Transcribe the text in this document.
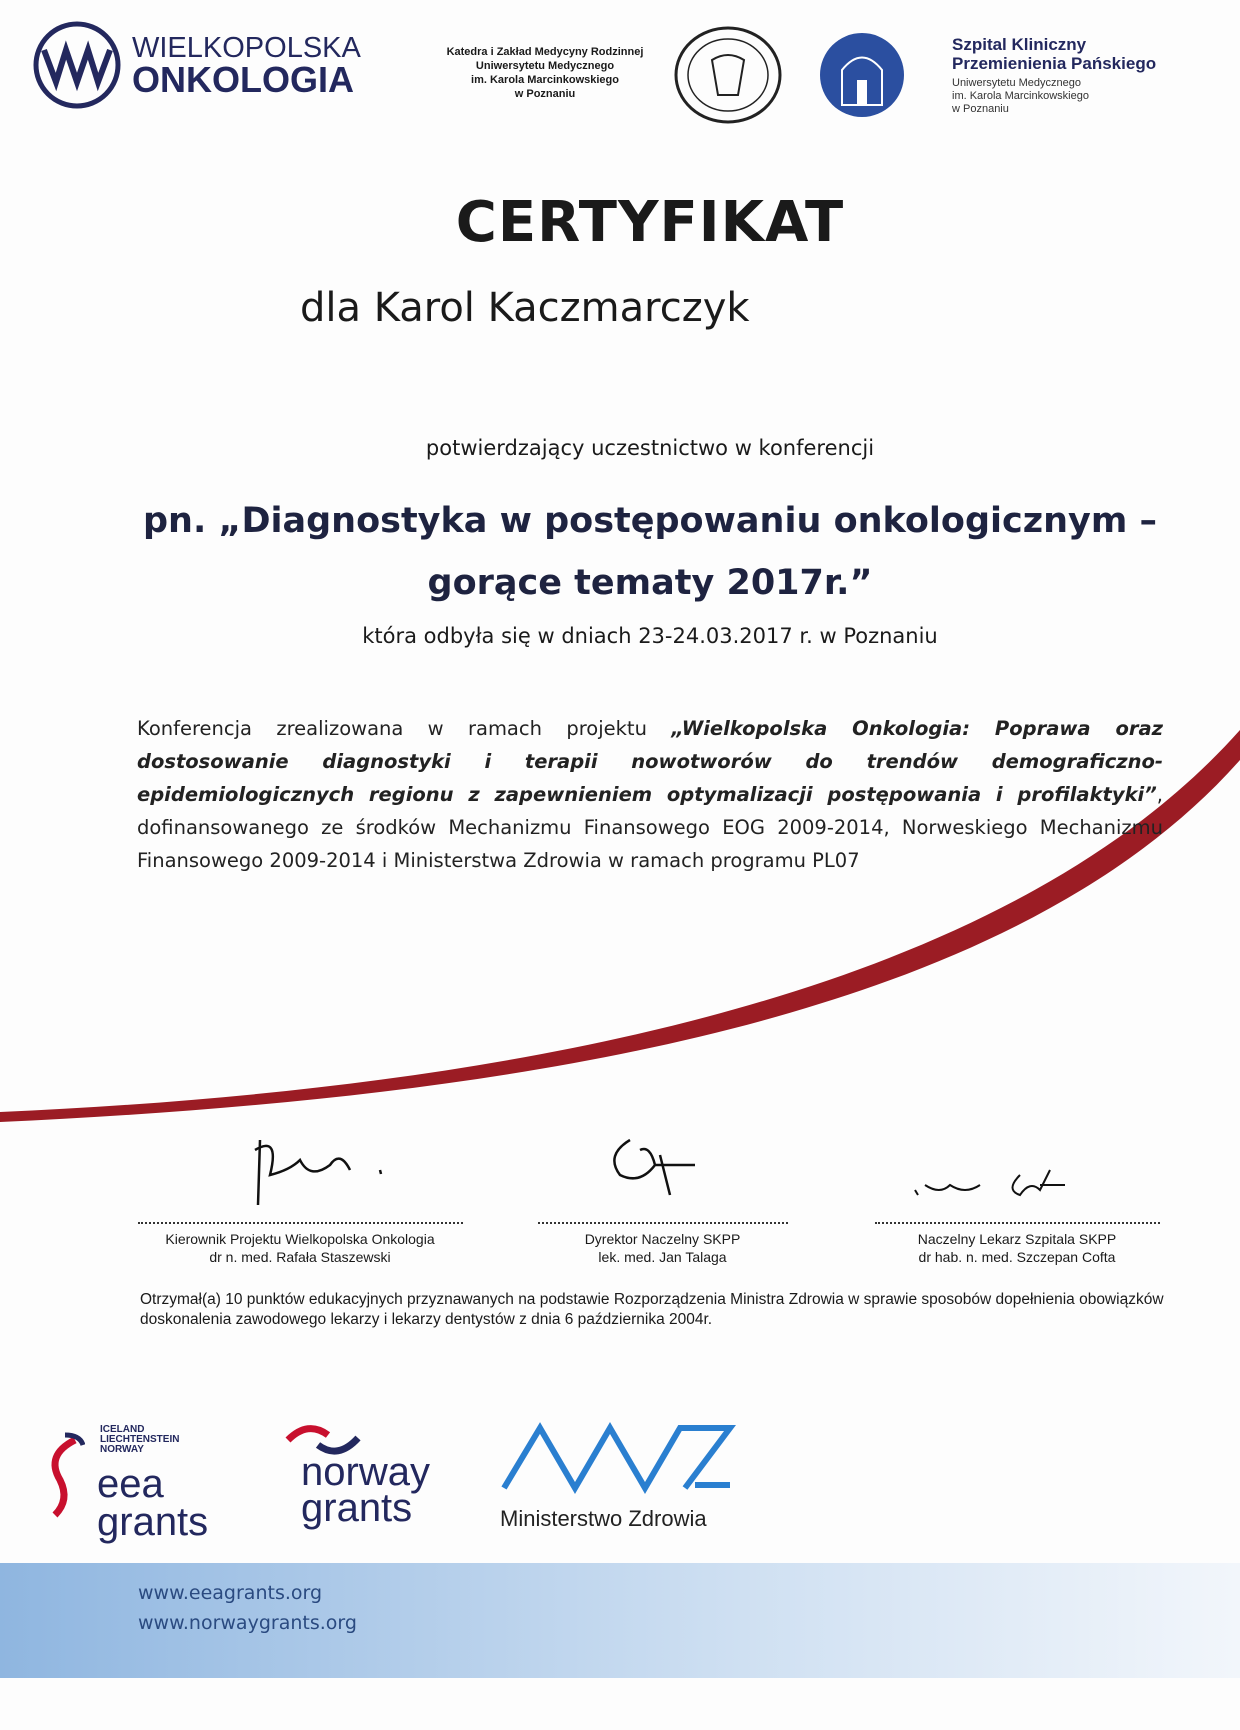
WIELKOPOLSKA
ONKOLOGIA
Katedra i Zakład Medycyny Rodzinnej
Uniwersytetu Medycznego
im. Karola Marcinkowskiego
w Poznaniu
Szpital Kliniczny
Przemienienia Pańskiego
Uniwersytetu Medycznego
im. Karola Marcinkowskiego
w Poznaniu
CERTYFIKAT
dla Karol Kaczmarczyk
potwierdzający uczestnictwo w konferencji
pn. „Diagnostyka w postępowaniu onkologicznym –
gorące tematy 2017r.”
która odbyła się w dniach 23-24.03.2017 r. w Poznaniu
Konferencja zrealizowana w ramach projektu „Wielkopolska Onkologia: Poprawa oraz dostosowanie diagnostyki i terapii nowotworów do trendów demograficzno-epidemiologicznych regionu z zapewnieniem optymalizacji postępowania i profilaktyki”, dofinansowanego ze środków Mechanizmu Finansowego EOG 2009-2014, Norweskiego Mechanizmu Finansowego 2009-2014 i Ministerstwa Zdrowia w ramach programu PL07
Kierownik Projektu Wielkopolska Onkologia
dr n. med. Rafała Staszewski
Dyrektor Naczelny SKPP
lek. med. Jan Talaga
Naczelny Lekarz Szpitala SKPP
dr hab. n. med. Szczepan Cofta
Otrzymał(a) 10 punktów edukacyjnych przyznawanych na podstawie Rozporządzenia Ministra Zdrowia w sprawie sposobów dopełnienia obowiązków doskonalenia zawodowego lekarzy i lekarzy dentystów z dnia 6 października 2004r.
ICELAND
LIECHTENSTEIN
NORWAY
eea
grants
norway
grants	Ministerstwo Zdrowia
www.eeagrants.org
www.norwaygrants.org
